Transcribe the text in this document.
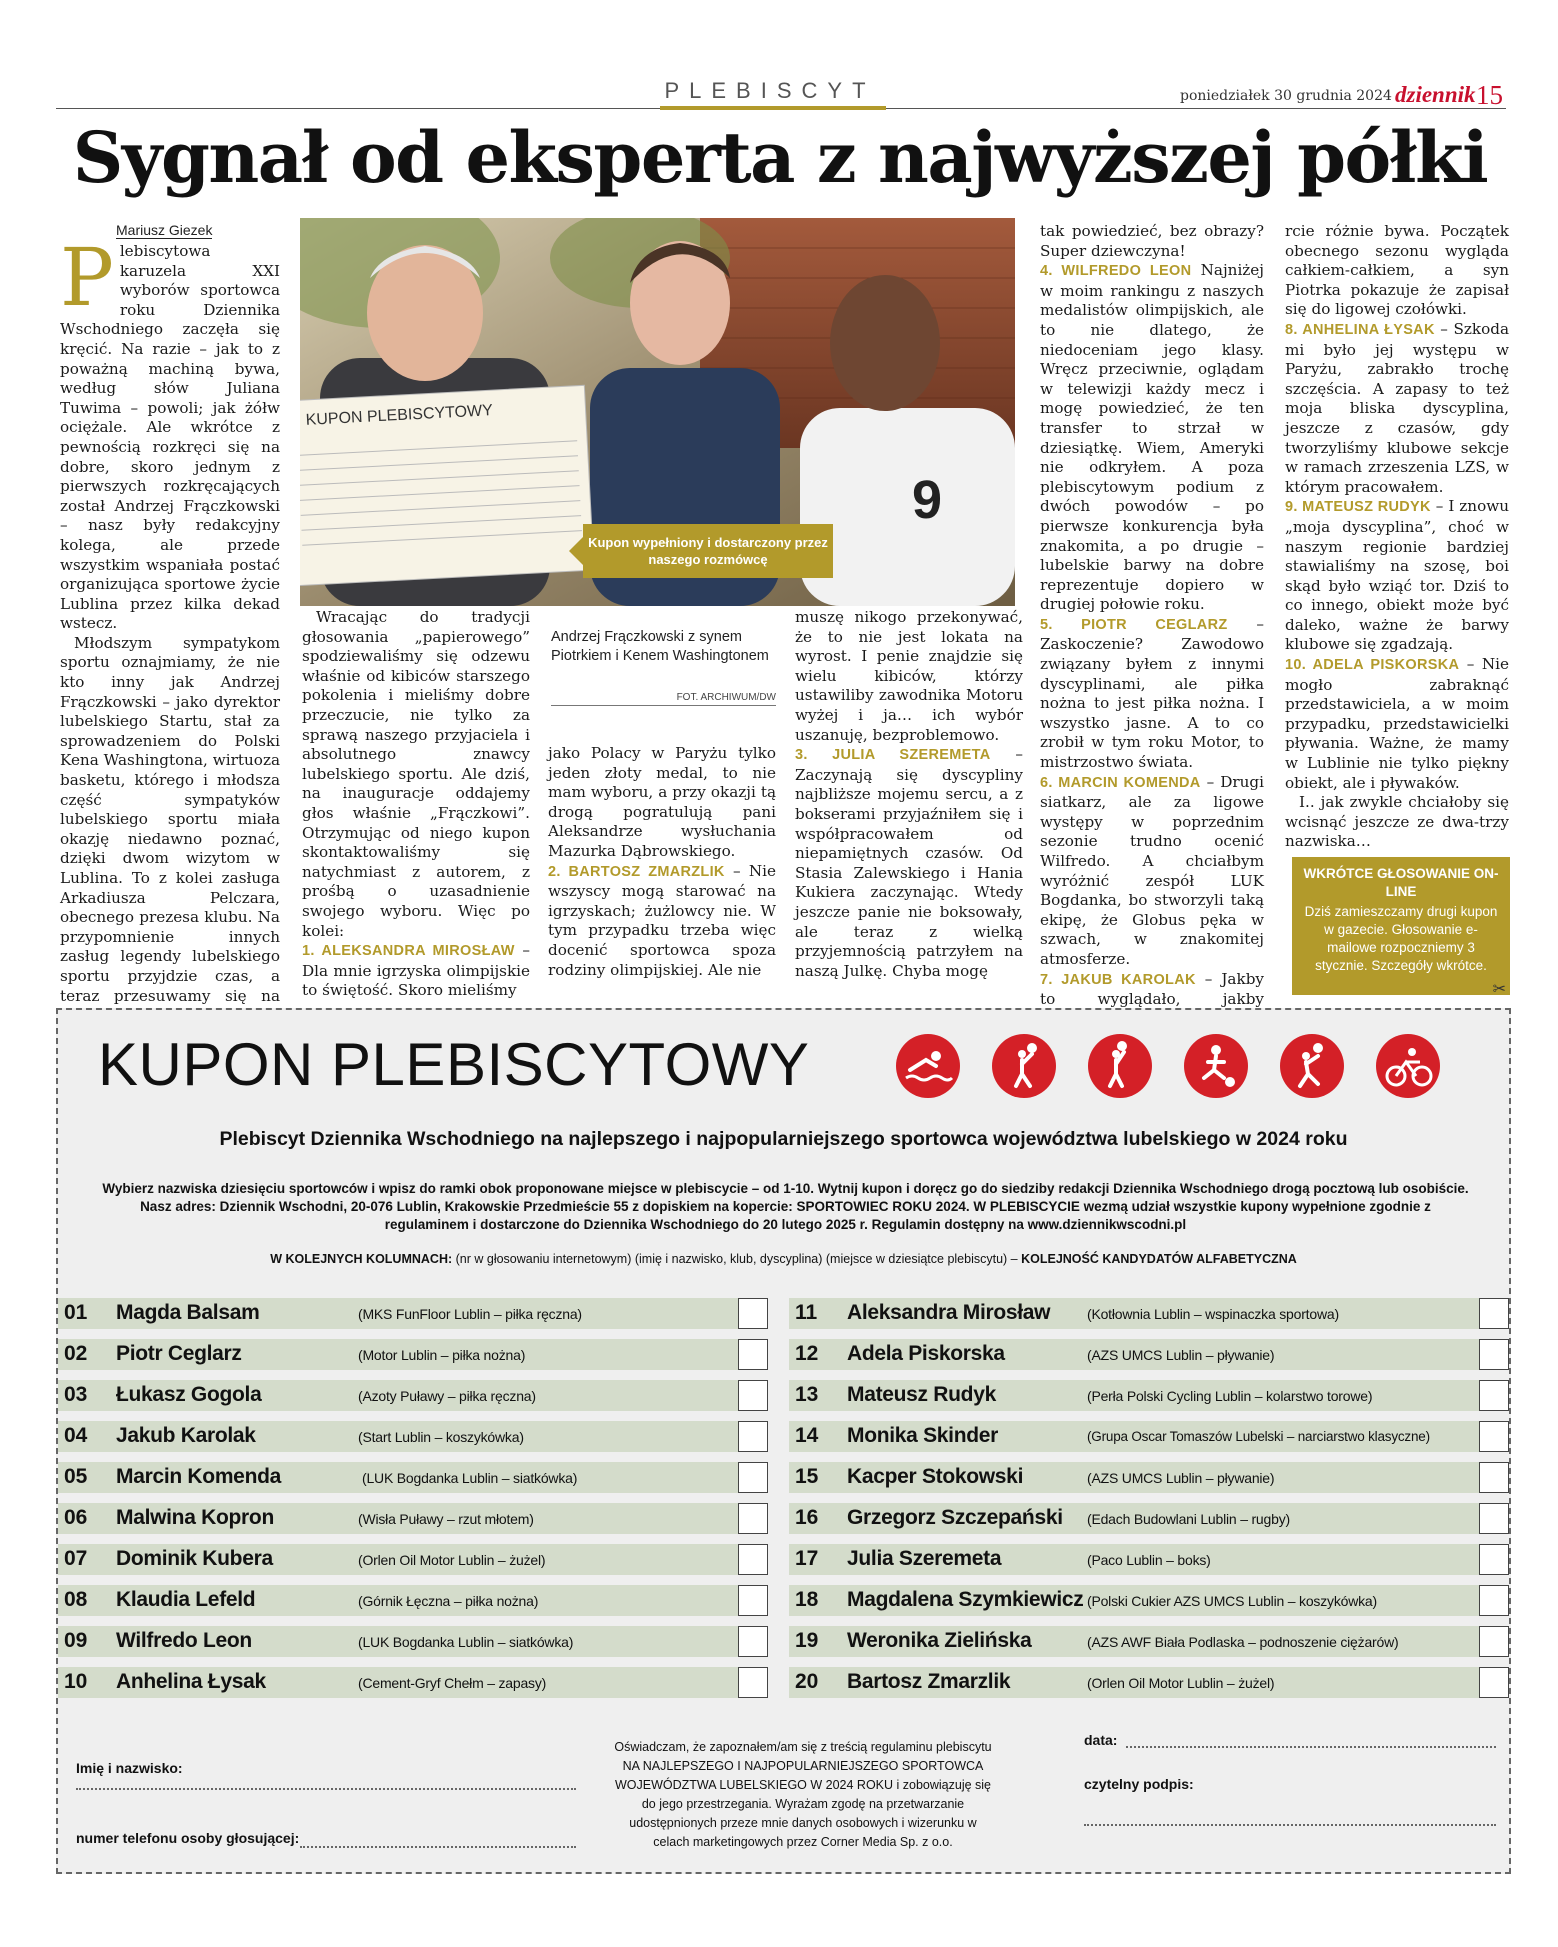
PLEBISCYT	poniedziałek 30 grudnia 2024 dziennik 15
Sygnał od eksperta z najwyższej półki
Mariusz Giezek

Plebiscytowa karuzela XXI wyborów sportowca roku Dziennika Wschodniego zaczęła się kręcić. Na razie – jak to z poważną machiną bywa, według słów Juliana Tuwima – powoli; jak żółw ociężale. Ale wkrótce z pewnością rozkręci się na dobre, skoro jednym z pierwszych rozkręcających został Andrzej Frączkowski – nasz były redakcyjny kolega, ale przede wszystkim wspaniała postać organizująca sportowe życie Lublina przez kilka dekad wstecz.

Młodszym sympatykom sportu oznajmiamy, że nie kto inny jak Andrzej Frączkowski – jako dyrektor lubelskiego Startu, stał za sprowadzeniem do Polski Kena Washingtona, wirtuoza basketu, którego i młodsza część sympatyków lubelskiego sportu miała okazję niedawno poznać, dzięki dwom wizytom w Lublina. To z kolei zasługa Arkadiusza Pelczara, obecnego prezesa klubu. Na przypomnienie innych zasług legendy lubelskiego sportu przyjdzie czas, a teraz przesuwamy się na

9
KUPON PLEBISCYTOWY
Kupon wypełniony i dostarczony przez naszego rozmówcę
Andrzej Frączkowski z synem Piotrkiem i Kenem Washingtonem
FOT. ARCHIWUM/DW

Wracając do tradycji głosowania „papierowego” spodziewaliśmy się odzewu właśnie od kibiców starszego pokolenia i mieliśmy dobre przeczucie, nie tylko za sprawą naszego przyjaciela i absolutnego znawcy lubelskiego sportu. Ale dziś, na inauguracje oddajemy głos właśnie „Frączkowi”. Otrzymując od niego kupon skontaktowaliśmy się natychmiast z autorem, z prośbą o uzasadnienie swojego wyboru. Więc po kolei:
1. ALEKSANDRA MIROSŁAW – Dla mnie igrzyska olimpijskie to świętość. Skoro mieliśmy

jako Polacy w Paryżu tylko jeden złoty medal, to nie mam wyboru, a przy okazji tą drogą pogratulują pani Aleksandrze wysłuchania Mazurka Dąbrowskiego.
2. BARTOSZ ZMARZLIK – Nie wszyscy mogą starować na igrzyskach; żużlowcy nie. W tym przypadku trzeba więc docenić sportowca spoza rodziny olimpijskiej. Ale nie

muszę nikogo przekonywać, że to nie jest lokata na wyrost. I penie znajdzie się wielu kibiców, którzy ustawiliby zawodnika Motoru wyżej i ja… ich wybór uszanuję, bezproblemowo.
3. JULIA SZEREMETA – Zaczynają się dyscypliny najbliższe mojemu sercu, a z bokserami przyjaźniłem się i współpracowałem od niepamiętnych czasów. Od Stasia Zalewskiego i Hania Kukiera zaczynając. Wtedy jeszcze panie nie boksowały, ale teraz z wielką przyjemnością patrzyłem na naszą Julkę. Chyba mogę

tak powiedzieć, bez obrazy? Super dziewczyna!
4. WILFREDO LEON Najniżej w moim rankingu z naszych medalistów olimpijskich, ale to nie dlatego, że niedoceniam jego klasy. Wręcz przeciwnie, oglądam w telewizji każdy mecz i mogę powiedzieć, że ten transfer to strzał w dziesiątkę. Wiem, Ameryki nie odkryłem. A poza plebiscytowym podium z dwóch powodów – po pierwsze konkurencja była znakomita, a po drugie – lubelskie barwy na dobre reprezentuje dopiero w drugiej połowie roku.
5. PIOTR CEGLARZ – Zaskoczenie? Zawodowo związany byłem z innymi dyscyplinami, ale piłka nożna to jest piłka nożna. I wszystko jasne. A to co zrobił w tym roku Motor, to mistrzostwo świata.
6. MARCIN KOMENDA – Drugi siatkarz, ale za ligowe występy w poprzednim sezonie trudno ocenić Wilfredo. A chciałbym wyróżnić zespół LUK Bogdanka, bo stworzyli taką ekipę, że Globus pęka w szwach, w znakomitej atmosferze.
7. JAKUB KAROLAK – Jakby to wyglądało, jakby

rcie różnie bywa. Początek obecnego sezonu wygląda całkiem-całkiem, a syn Piotrka pokazuje że zapisał się do ligowej czołówki.
8. ANHELINA ŁYSAK – Szkoda mi było jej występu w Paryżu, zabrakło trochę szczęścia. A zapasy to też moja bliska dyscyplina, jeszcze z czasów, gdy tworzyliśmy klubowe sekcje w ramach zrzeszenia LZS, w którym pracowałem.
9. MATEUSZ RUDYK – I znowu „moja dyscyplina”, choć w naszym regionie bardziej stawialiśmy na szosę, boi skąd było wziąć tor. Dziś to co innego, obiekt może być daleko, ważne że barwy klubowe się zgadzają.
10. ADELA PISKORSKA – Nie mogło zabraknąć przedstawiciela, a w moim przypadku, przedstawicielki pływania. Ważne, że mamy w Lublinie nie tylko piękny obiekt, ale i pływaków.

I.. jak zwykle chciałoby się wcisnąć jeszcze ze dwa-trzy nazwiska…

WKRÓTCE GŁOSOWANIE ON-LINE
Dziś zamieszczamy drugi kupon w gazecie. Głosowanie e-mailowe rozpoczniemy 3 stycznie. Szczegóły wkrótce.
✂
KUPON PLEBISCYTOWY
Plebiscyt Dziennika Wschodniego na najlepszego i najpopularniejszego sportowca województwa lubelskiego w 2024 roku
Wybierz nazwiska dziesięciu sportowców i wpisz do ramki obok proponowane miejsce w plebiscycie – od 1-10. Wytnij kupon i doręcz go do siedziby redakcji Dziennika Wschodniego drogą pocztową lub osobiście. Nasz adres: Dziennik Wschodni, 20-076 Lublin, Krakowskie Przedmieście 55 z dopiskiem na kopercie: SPORTOWIEC ROKU 2024. W PLEBISCYCIE wezmą udział wszystkie kupony wypełnione zgodnie z regulaminem i dostarczone do Dziennika Wschodniego do 20 lutego 2025 r. Regulamin dostępny na www.dziennikwscodni.pl
W KOLEJNYCH KOLUMNACH: (nr w głosowaniu internetowym) (imię i nazwisko, klub, dyscyplina) (miejsce w dziesiątce plebiscytu) – KOLEJNOŚĆ KANDYDATÓW ALFABETYCZNA
01 Magda Balsam	(MKS FunFloor Lublin – piłka ręczna)
02 Piotr Ceglarz	(Motor Lublin – piłka nożna)
03 Łukasz Gogola	(Azoty Puławy – piłka ręczna)
04 Jakub Karolak	(Start Lublin – koszykówka)
05 Marcin Komenda	(LUK Bogdanka Lublin – siatkówka)
06 Malwina Kopron	(Wisła Puławy – rzut młotem)
07 Dominik Kubera	(Orlen Oil Motor Lublin – żużel)
08 Klaudia Lefeld	(Górnik Łęczna – piłka nożna)
09 Wilfredo Leon	(LUK Bogdanka Lublin – siatkówka)
10 Anhelina Łysak	(Cement-Gryf Chełm – zapasy)
11 Aleksandra Mirosław	(Kotłownia Lublin – wspinaczka sportowa)
12 Adela Piskorska	(AZS UMCS Lublin – pływanie)
13 Mateusz Rudyk	(Perła Polski Cycling Lublin – kolarstwo torowe)
14 Monika Skinder	(Grupa Oscar Tomaszów Lubelski – narciarstwo klasyczne)
15 Kacper Stokowski	(AZS UMCS Lublin – pływanie)
16 Grzegorz Szczepański (Edach Budowlani Lublin – rugby)
17 Julia Szeremeta	(Paco Lublin – boks)
18 Magdalena Szymkiewicz (Polski Cukier AZS UMCS Lublin – koszykówka)
19 Weronika Zielińska	(AZS AWF Biała Podlaska – podnoszenie ciężarów)
20 Bartosz Zmarzlik	(Orlen Oil Motor Lublin – żużel)
Imię i nazwisko:
numer telefonu osoby głosującej:
Oświadczam, że zapoznałem/am się z treścią regulaminu plebiscytu NA NAJLEPSZEGO I NAJPOPULARNIEJSZEGO SPORTOWCA WOJEWÓDZTWA LUBELSKIEGO W 2024 ROKU i zobowiązuję się do jego przestrzegania. Wyrażam zgodę na przetwarzanie udostępnionych przeze mnie danych osobowych i wizerunku w celach marketingowych przez Corner Media Sp. z o.o.
data:
czytelny podpis:
